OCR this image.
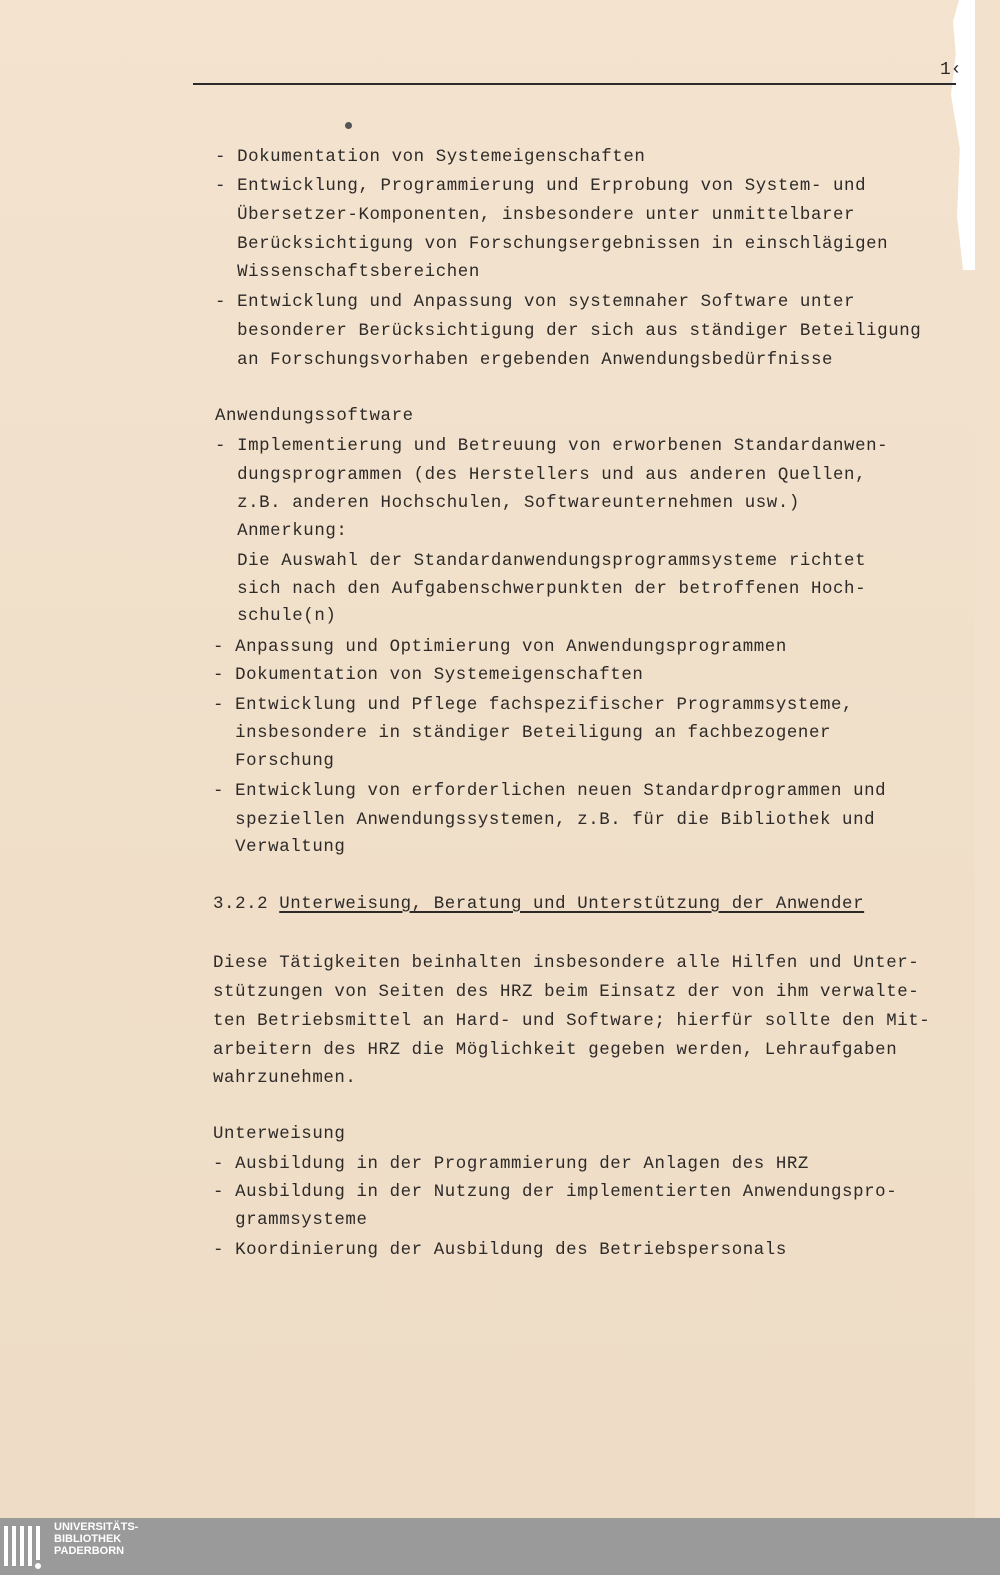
1‹
- Dokumentation von Systemeigenschaften
- Entwicklung, Programmierung und Erprobung von System- und
Übersetzer-Komponenten, insbesondere unter unmittelbarer
Berücksichtigung von Forschungsergebnissen in einschlägigen
Wissenschaftsbereichen
- Entwicklung und Anpassung von systemnaher Software unter
besonderer Berücksichtigung der sich aus ständiger Beteiligung
an Forschungsvorhaben ergebenden Anwendungsbedürfnisse
Anwendungssoftware
- Implementierung und Betreuung von erworbenen Standardanwen-
dungsprogrammen (des Herstellers und aus anderen Quellen,
z.B. anderen Hochschulen, Softwareunternehmen usw.)
Anmerkung:
Die Auswahl der Standardanwendungsprogrammsysteme richtet
sich nach den Aufgabenschwerpunkten der betroffenen Hoch-
schule(n)
- Anpassung und Optimierung von Anwendungsprogrammen
- Dokumentation von Systemeigenschaften
- Entwicklung und Pflege fachspezifischer Programmsysteme,
insbesondere in ständiger Beteiligung an fachbezogener
Forschung
- Entwicklung von erforderlichen neuen Standardprogrammen und
speziellen Anwendungssystemen, z.B. für die Bibliothek und
Verwaltung
3.2.2 Unterweisung, Beratung und Unterstützung der Anwender
Diese Tätigkeiten beinhalten insbesondere alle Hilfen und Unter-
stützungen von Seiten des HRZ beim Einsatz der von ihm verwalte-
ten Betriebsmittel an Hard- und Software; hierfür sollte den Mit-
arbeitern des HRZ die Möglichkeit gegeben werden, Lehraufgaben
wahrzunehmen.
Unterweisung
- Ausbildung in der Programmierung der Anlagen des HRZ
- Ausbildung in der Nutzung der implementierten Anwendungspro-
grammsysteme
- Koordinierung der Ausbildung des Betriebspersonals
UNIVERSITÄTS-
BIBLIOTHEK
PADERBORN
